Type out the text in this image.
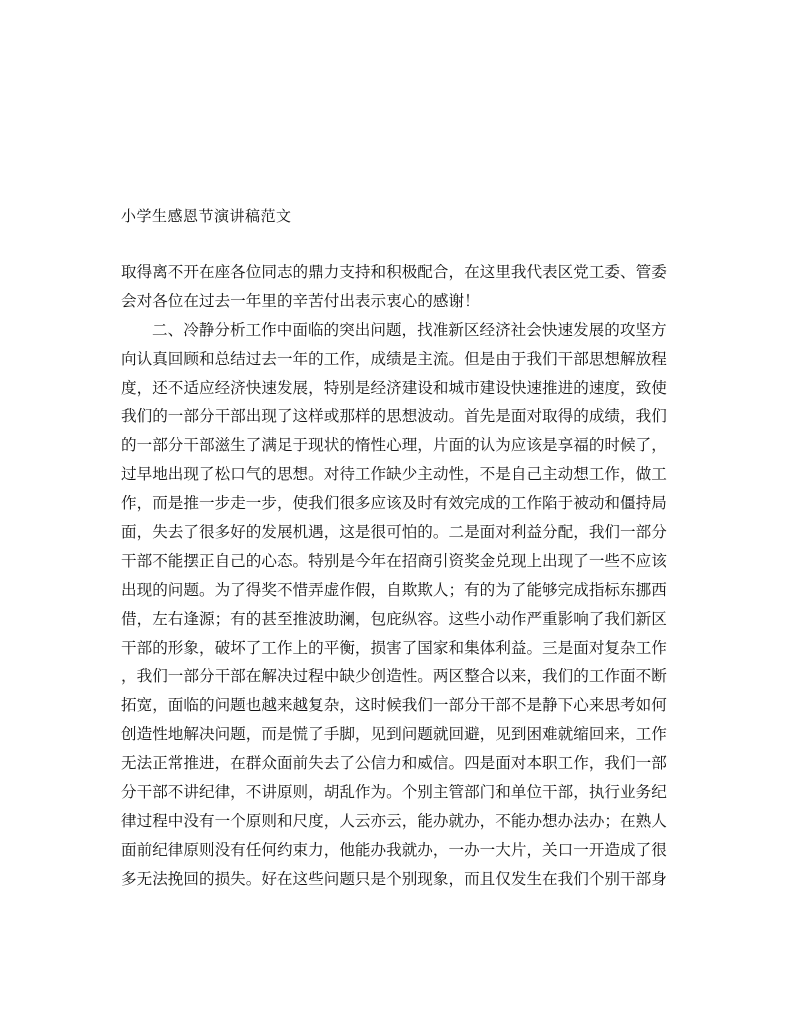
小学生感恩节演讲稿范文
取得离不开在座各位同志的鼎力支持和积极配合，在这里我代表区党工委、管委
会对各位在过去一年里的辛苦付出表示衷心的感谢！
二、冷静分析工作中面临的突出问题，找准新区经济社会快速发展的攻坚方
向认真回顾和总结过去一年的工作，成绩是主流。但是由于我们干部思想解放程
度，还不适应经济快速发展，特别是经济建设和城市建设快速推进的速度，致使
我们的一部分干部出现了这样或那样的思想波动。首先是面对取得的成绩，我们
的一部分干部滋生了满足于现状的惰性心理，片面的认为应该是享福的时候了，
过早地出现了松口气的思想。对待工作缺少主动性，不是自己主动想工作，做工
作，而是推一步走一步，使我们很多应该及时有效完成的工作陷于被动和僵持局
面，失去了很多好的发展机遇，这是很可怕的。二是面对利益分配，我们一部分
干部不能摆正自己的心态。特别是今年在招商引资奖金兑现上出现了一些不应该
出现的问题。为了得奖不惜弄虚作假，自欺欺人；有的为了能够完成指标东挪西
借，左右逢源；有的甚至推波助澜，包庇纵容。这些小动作严重影响了我们新区
干部的形象，破坏了工作上的平衡，损害了国家和集体利益。三是面对复杂工作
，我们一部分干部在解决过程中缺少创造性。两区整合以来，我们的工作面不断
拓宽，面临的问题也越来越复杂，这时候我们一部分干部不是静下心来思考如何
创造性地解决问题，而是慌了手脚，见到问题就回避，见到困难就缩回来，工作
无法正常推进，在群众面前失去了公信力和威信。四是面对本职工作，我们一部
分干部不讲纪律，不讲原则，胡乱作为。个别主管部门和单位干部，执行业务纪
律过程中没有一个原则和尺度，人云亦云，能办就办，不能办想办法办；在熟人
面前纪律原则没有任何约束力，他能办我就办，一办一大片，关口一开造成了很
多无法挽回的损失。好在这些问题只是个别现象，而且仅发生在我们个别干部身
